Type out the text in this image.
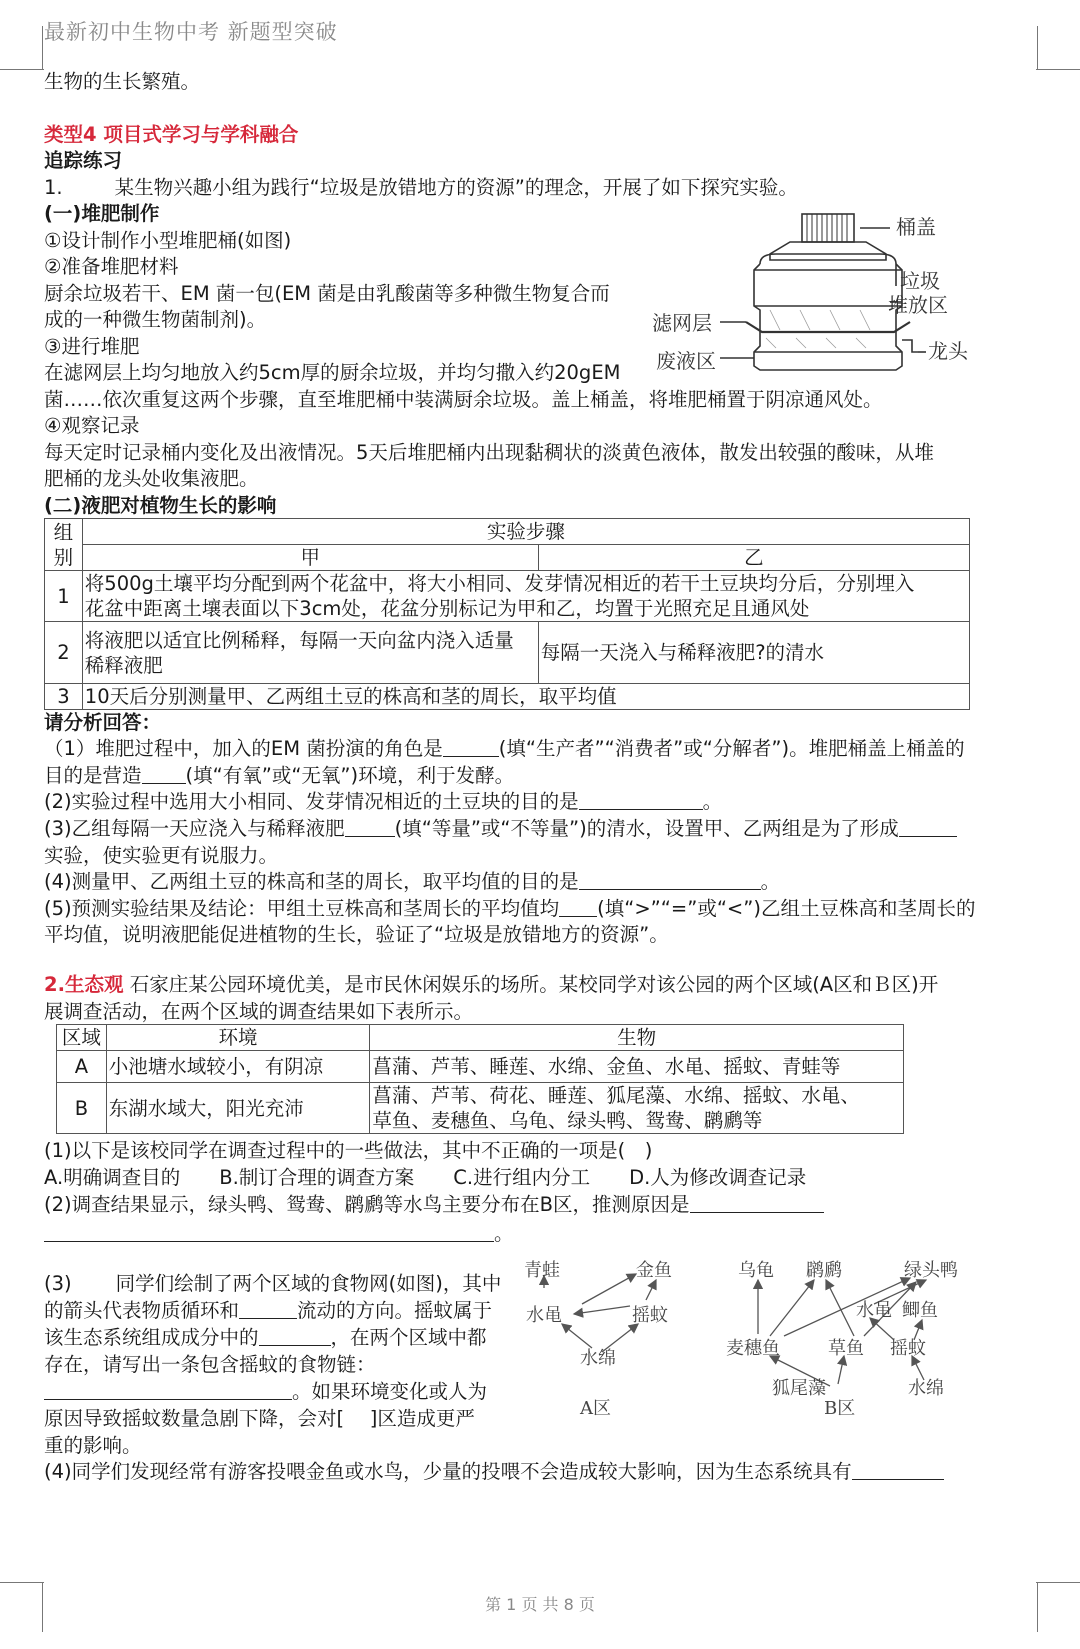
最新初中生物中考 新题型突破
生物的生长繁殖。
类型4 项目式学习与学科融合
追踪练习
1.	某生物兴趣小组为践行“垃圾是放错地方的资源”的理念，开展了如下探究实验。
(一)堆肥制作
①设计制作小型堆肥桶(如图)
②准备堆肥材料
厨余垃圾若干、EM 菌一包(EM 菌是由乳酸菌等多种微生物复合而
成的一种微生物菌制剂)。
③进行堆肥
在滤网层上均匀地放入约5cm厚的厨余垃圾，并均匀撒入约20gEM
菌……依次重复这两个步骤，直至堆肥桶中装满厨余垃圾。盖上桶盖，将堆肥桶置于阴凉通风处。
④观察记录
每天定时记录桶内变化及出液情况。5天后堆肥桶内出现黏稠状的淡黄色液体，散发出较强的酸味，从堆
肥桶的龙头处收集液肥。
(二)液肥对植物生长的影响
桶盖
垃圾
堆放区
滤网层
废液区	龙头
组
别	实验步骤	
	甲	乙
1	将500g土壤平均分配到两个花盆中，将大小相同、发芽情况相近的若干土豆块均分后，分别埋入
花盆中距离土壤表面以下3cm处，花盆分别标记为甲和乙，均置于光照充足且通风处	
2	将液肥以适宜比例稀释，每隔一天向盆内浇入适量
稀释液肥	每隔一天浇入与稀释液肥?的清水
3	10天后分别测量甲、乙两组土豆的株高和茎的周长，取平均值	
请分析回答：
（1）堆肥过程中，加入的EM 菌扮演的角色是	(填“生产者”“消费者”或“分解者”)。堆肥桶盖上桶盖的
目的是营造 (填“有氧”或“无氧”)环境，利于发酵。
(2)实验过程中选用大小相同、发芽情况相近的土豆块的目的是	。
(3)乙组每隔一天应浇入与稀释液肥	(填“等量”或“不等量”)的清水，设置甲、乙两组是为了形成
实验，使实验更有说服力。
(4)测量甲、乙两组土豆的株高和茎的周长，取平均值的目的是	。
(5)预测实验结果及结论：甲组土豆株高和茎周长的平均值均 (填“>”“=”或“<”)乙组土豆株高和茎周长的
平均值，说明液肥能促进植物的生长，验证了“垃圾是放错地方的资源”。
2.生态观 石家庄某公园环境优美，是市民休闲娱乐的场所。某校同学对该公园的两个区域(A区和Ｂ区)开
展调查活动，在两个区域的调查结果如下表所示。
区域	环境	生物
A	小池塘水域较小，有阴凉	菖蒲、芦苇、睡莲、水绵、金鱼、水黾、摇蚊、青蛙等
B	东湖水域大，阳光充沛	菖蒲、芦苇、荷花、睡莲、狐尾藻、水绵、摇蚊、水黾、
草鱼、麦穗鱼、乌龟、绿头鸭、鸳鸯、䴙䴘等
(1)以下是该校同学在调查过程中的一些做法，其中不正确的一项是(　)
A.明确调查目的　　B.制订合理的调查方案　　C.进行组内分工　　D.人为修改调查记录
(2)调查结果显示，绿头鸭、鸳鸯、䴙䴘等水鸟主要分布在B区，推测原因是
。
(3) 同学们绘制了两个区域的食物网(如图)，其中
的箭头代表物质循环和	流动的方向。摇蚊属于
该生态系统组成成分中的	，在两个区域中都
存在，请写出一条包含摇蚊的食物链：
。如果环境变化或人为
原因导致摇蚊数量急剧下降，会对[　 ]区造成更严
重的影响。
(4)同学们发现经常有游客投喂金鱼或水鸟，少量的投喂不会造成较大影响，因为生态系统具有
青蛙	金鱼
水黾	摇蚊
水绵
A区
乌龟 䴙䴘	绿头鸭
水黾 鲫鱼
麦穗鱼	草鱼 摇蚊
狐尾藻	水绵
B区
第 1 页 共 8 页
